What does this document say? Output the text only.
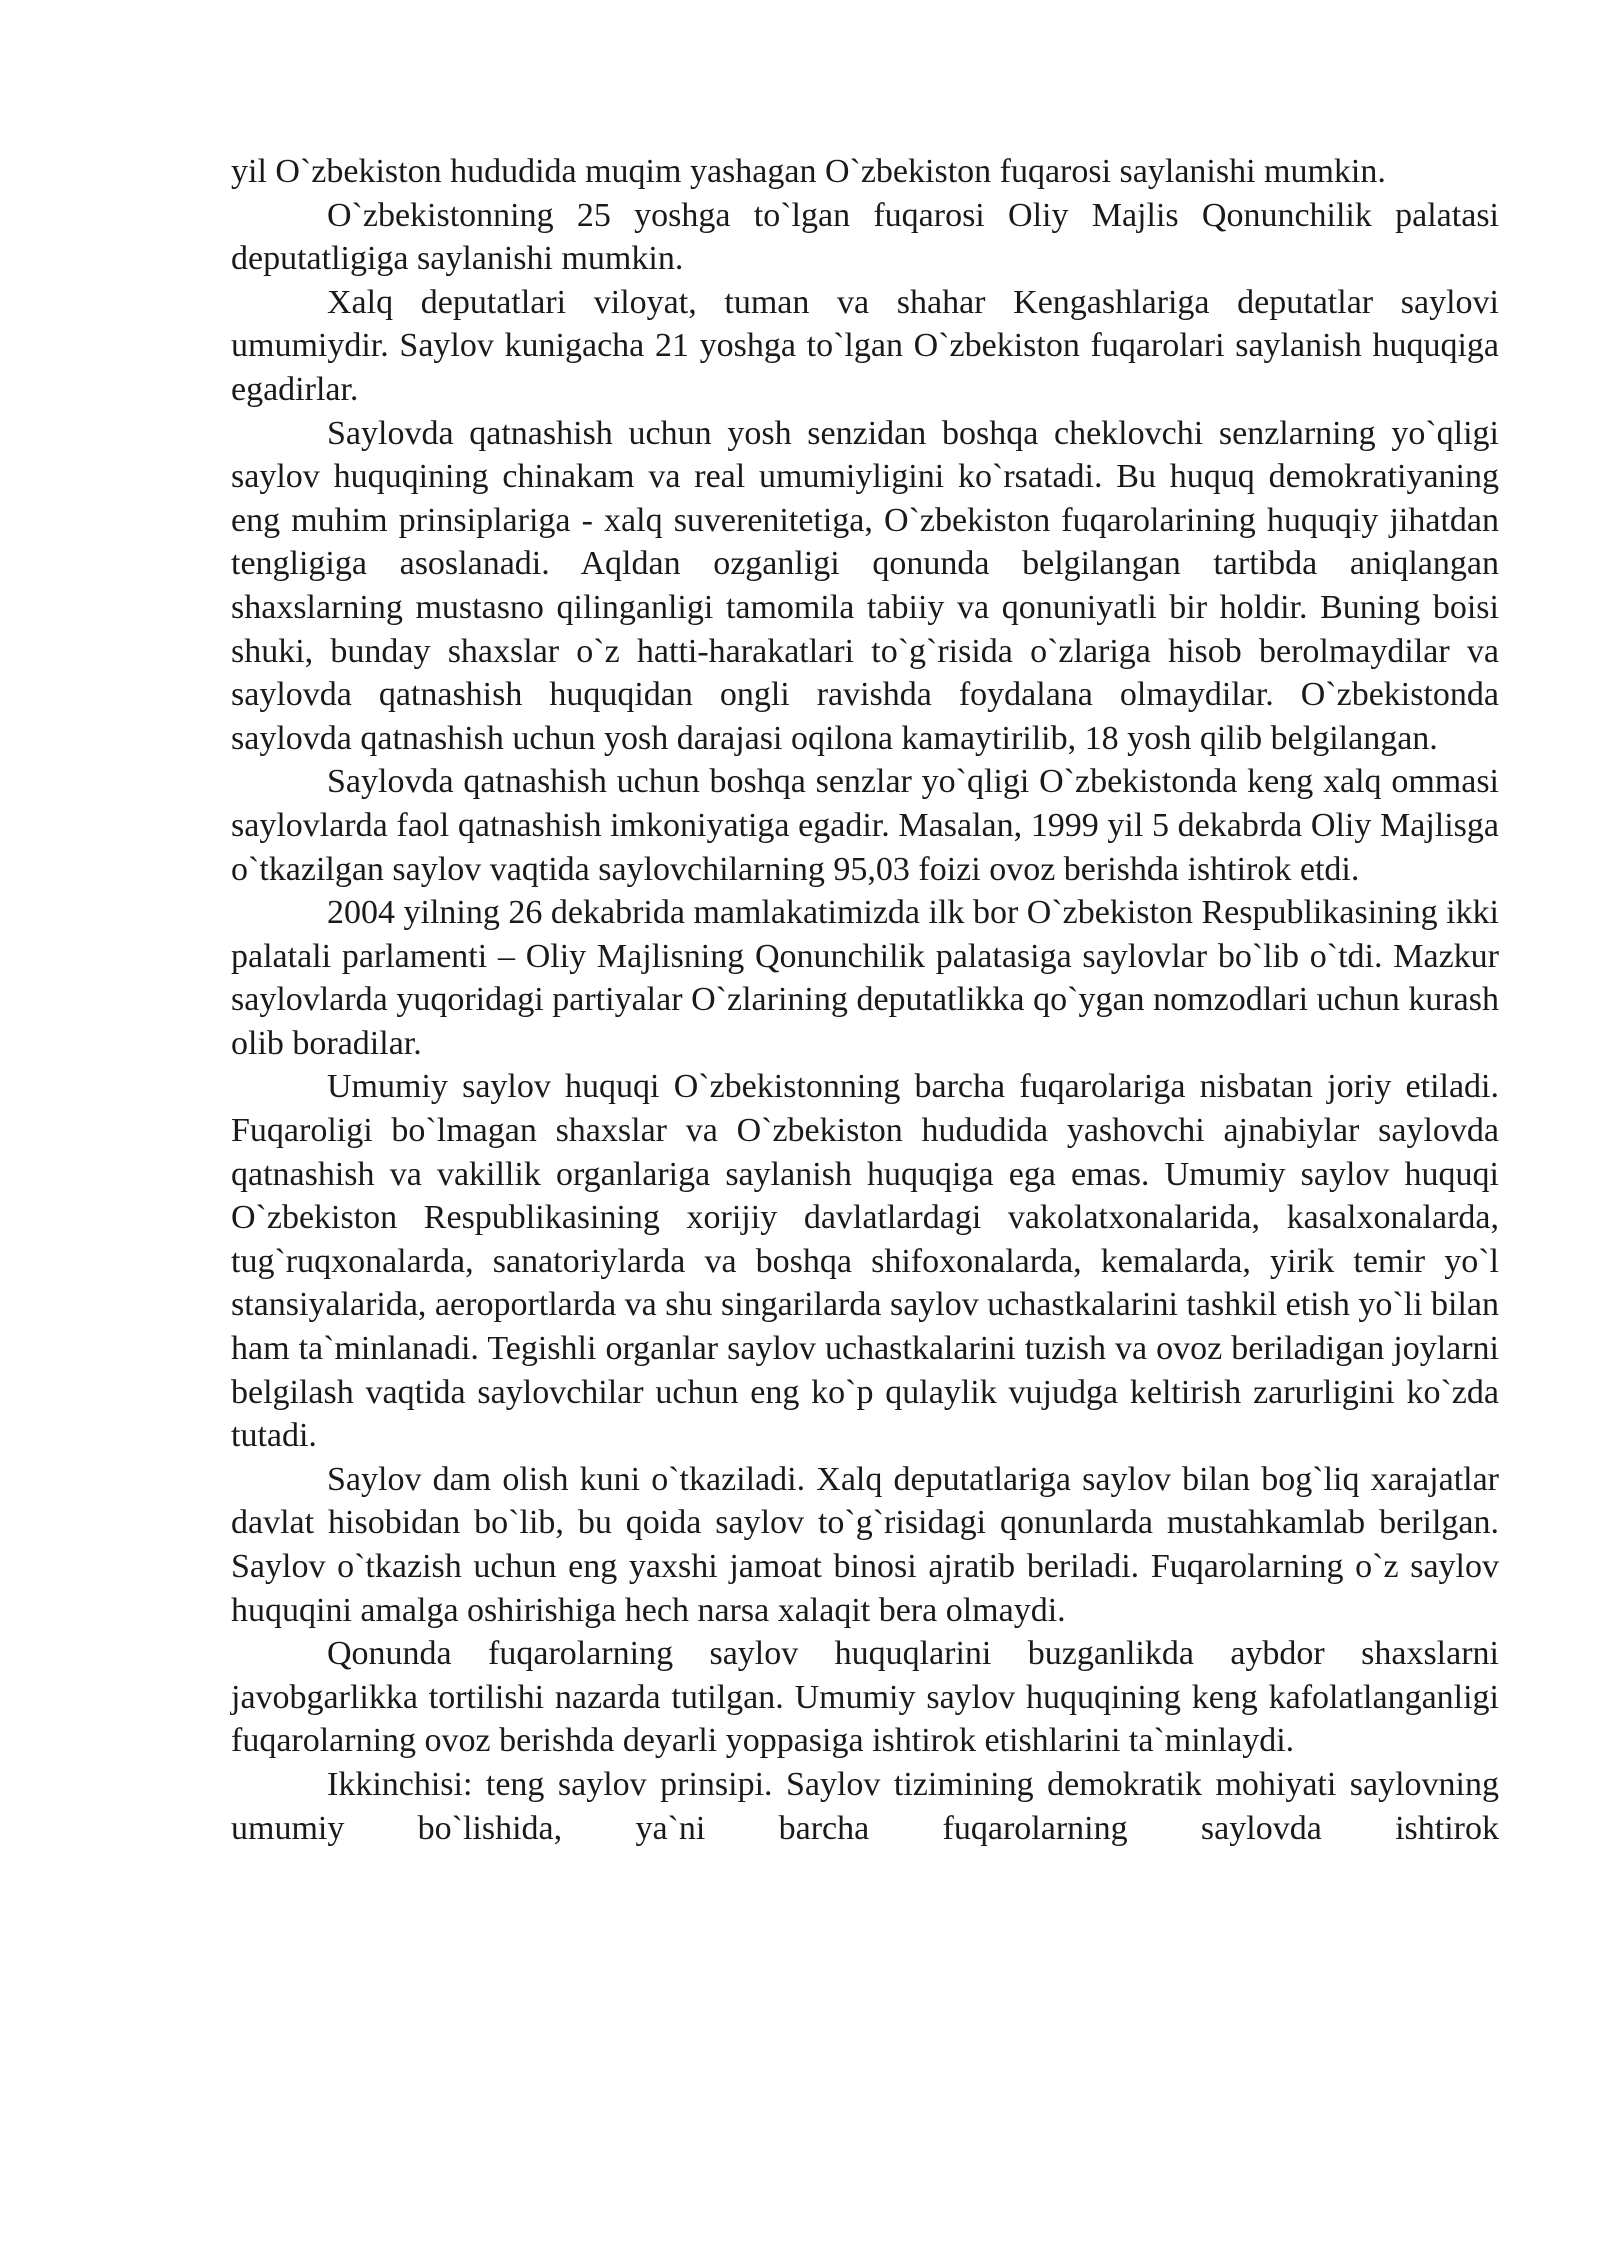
yil O`zbekiston hududida muqim yashagan O`zbekiston fuqarosi saylanishi mumkin.

O`zbekistonning 25 yoshga to`lgan fuqarosi Oliy Majlis Qonunchilik palatasi deputatligiga saylanishi mumkin.

Xalq deputatlari viloyat, tuman va shahar Kengashlariga deputatlar saylovi umumiydir. Saylov kunigacha 21 yoshga to`lgan O`zbekiston fuqarolari saylanish huquqiga egadirlar.

Saylovda qatnashish uchun yosh senzidan boshqa cheklovchi senzlarning yo`qligi saylov huquqining chinakam va real umumiyligini ko`rsatadi. Bu huquq demokratiyaning eng muhim prinsiplariga - xalq suverenitetiga, O`zbekiston fuqarolarining huquqiy jihatdan tengligiga asoslanadi. Aqldan ozganligi qonunda belgilangan tartibda aniqlangan shaxslarning mustasno qilinganligi tamomila tabiiy va qonuniyatli bir holdir. Buning boisi shuki, bunday shaxslar o`z hatti-harakatlari to`g`risida o`zlariga hisob berolmaydilar va saylovda qatnashish huquqidan ongli ravishda foydalana olmaydilar. O`zbekistonda saylovda qatnashish uchun yosh darajasi oqilona kamaytirilib, 18 yosh qilib belgilangan.

Saylovda qatnashish uchun boshqa senzlar yo`qligi O`zbekistonda keng xalq ommasi saylovlarda faol qatnashish imkoniyatiga egadir. Masalan, 1999 yil 5 dekabrda Oliy Majlisga o`tkazilgan saylov vaqtida saylovchilarning 95,03 foizi ovoz berishda ishtirok etdi.

2004 yilning 26 dekabrida mamlakatimizda ilk bor O`zbekiston Respublikasining ikki palatali parlamenti – Oliy Majlisning Qonunchilik palatasiga saylovlar bo`lib o`tdi. Mazkur saylovlarda yuqoridagi partiyalar O`zlarining deputatlikka qo`ygan nomzodlari uchun kurash olib boradilar.

Umumiy saylov huquqi O`zbekistonning barcha fuqarolariga nisbatan joriy etiladi. Fuqaroligi bo`lmagan shaxslar va O`zbekiston hududida yashovchi ajnabiylar saylovda qatnashish va vakillik organlariga saylanish huquqiga ega emas. Umumiy saylov huquqi O`zbekiston Respublikasining xorijiy davlatlardagi vakolatxonalarida, kasalxonalarda, tug`ruqxonalarda, sanatoriylarda va boshqa shifoxonalarda, kemalarda, yirik temir yo`l stansiyalarida, aeroportlarda va shu singarilarda saylov uchastkalarini tashkil etish yo`li bilan ham ta`minlanadi. Tegishli organlar saylov uchastkalarini tuzish va ovoz beriladigan joylarni belgilash vaqtida saylovchilar uchun eng ko`p qulaylik vujudga keltirish zarurligini ko`zda tutadi.

Saylov dam olish kuni o`tkaziladi. Xalq deputatlariga saylov bilan bog`liq xarajatlar davlat hisobidan bo`lib, bu qoida saylov to`g`risidagi qonunlarda mustahkamlab berilgan. Saylov o`tkazish uchun eng yaxshi jamoat binosi ajratib beriladi. Fuqarolarning o`z saylov huquqini amalga oshirishiga hech narsa xalaqit bera olmaydi.

Qonunda fuqarolarning saylov huquqlarini buzganlikda aybdor shaxslarni javobgarlikka tortilishi nazarda tutilgan. Umumiy saylov huquqining keng kafolatlanganligi fuqarolarning ovoz berishda deyarli yoppasiga ishtirok etishlarini ta`minlaydi.

Ikkinchisi: teng saylov prinsipi. Saylov tizimining demokratik mohiyati saylovning umumiy bo`lishida, ya`ni barcha fuqarolarning saylovda ishtirok
